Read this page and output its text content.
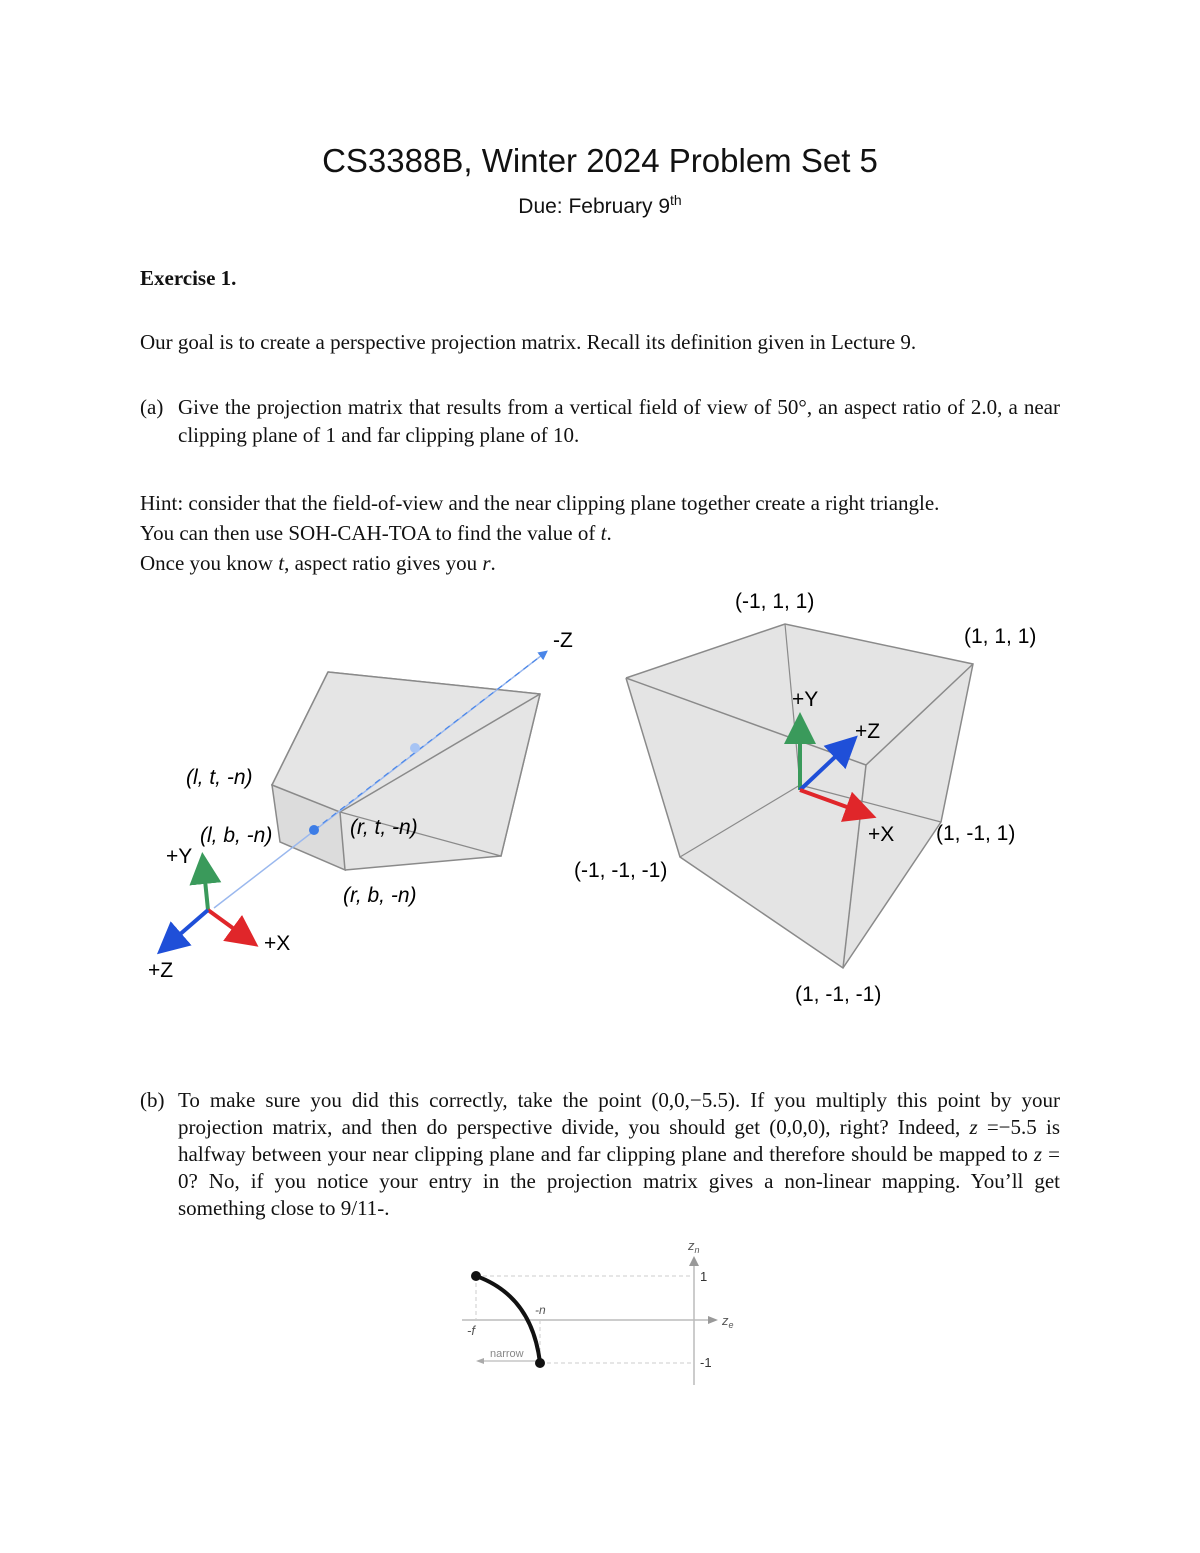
CS3388B, Winter 2024 Problem Set 5
Due: February 9th
Exercise 1.
Our goal is to create a perspective projection matrix. Recall its definition given in Lecture 9.
(a) Give the projection matrix that results from a vertical field of view of 50°, an aspect ratio of 2.0, a near clipping plane of 1 and far clipping plane of 10.
Hint: consider that the field-of-view and the near clipping plane together create a right triangle.
You can then use SOH-CAH-TOA to find the value of t.
Once you know t, aspect ratio gives you r.
-Z
(l, t, -n)
(l, b, -n)	(r, t, -n)
(r, b, -n)
+Y
+X
+Z
(-1, 1, 1)
(1, 1, 1)
(1, -1, 1)
(-1, -1, -1)
(1, -1, -1)
+Y
+Z
+X
$z_n$
$z_e$
1
-1
-f
-n
narrow
(b) To make sure you did this correctly, take the point (0,0,−5.5). If you multiply this point by your projection matrix, and then do perspective divide, you should get (0,0,0), right? Indeed, z =−5.5 is halfway between your near clipping plane and far clipping plane and therefore should be mapped to z = 0? No, if you notice your entry in the projection matrix gives a non-linear mapping. You’ll get something close to 9/11-.
